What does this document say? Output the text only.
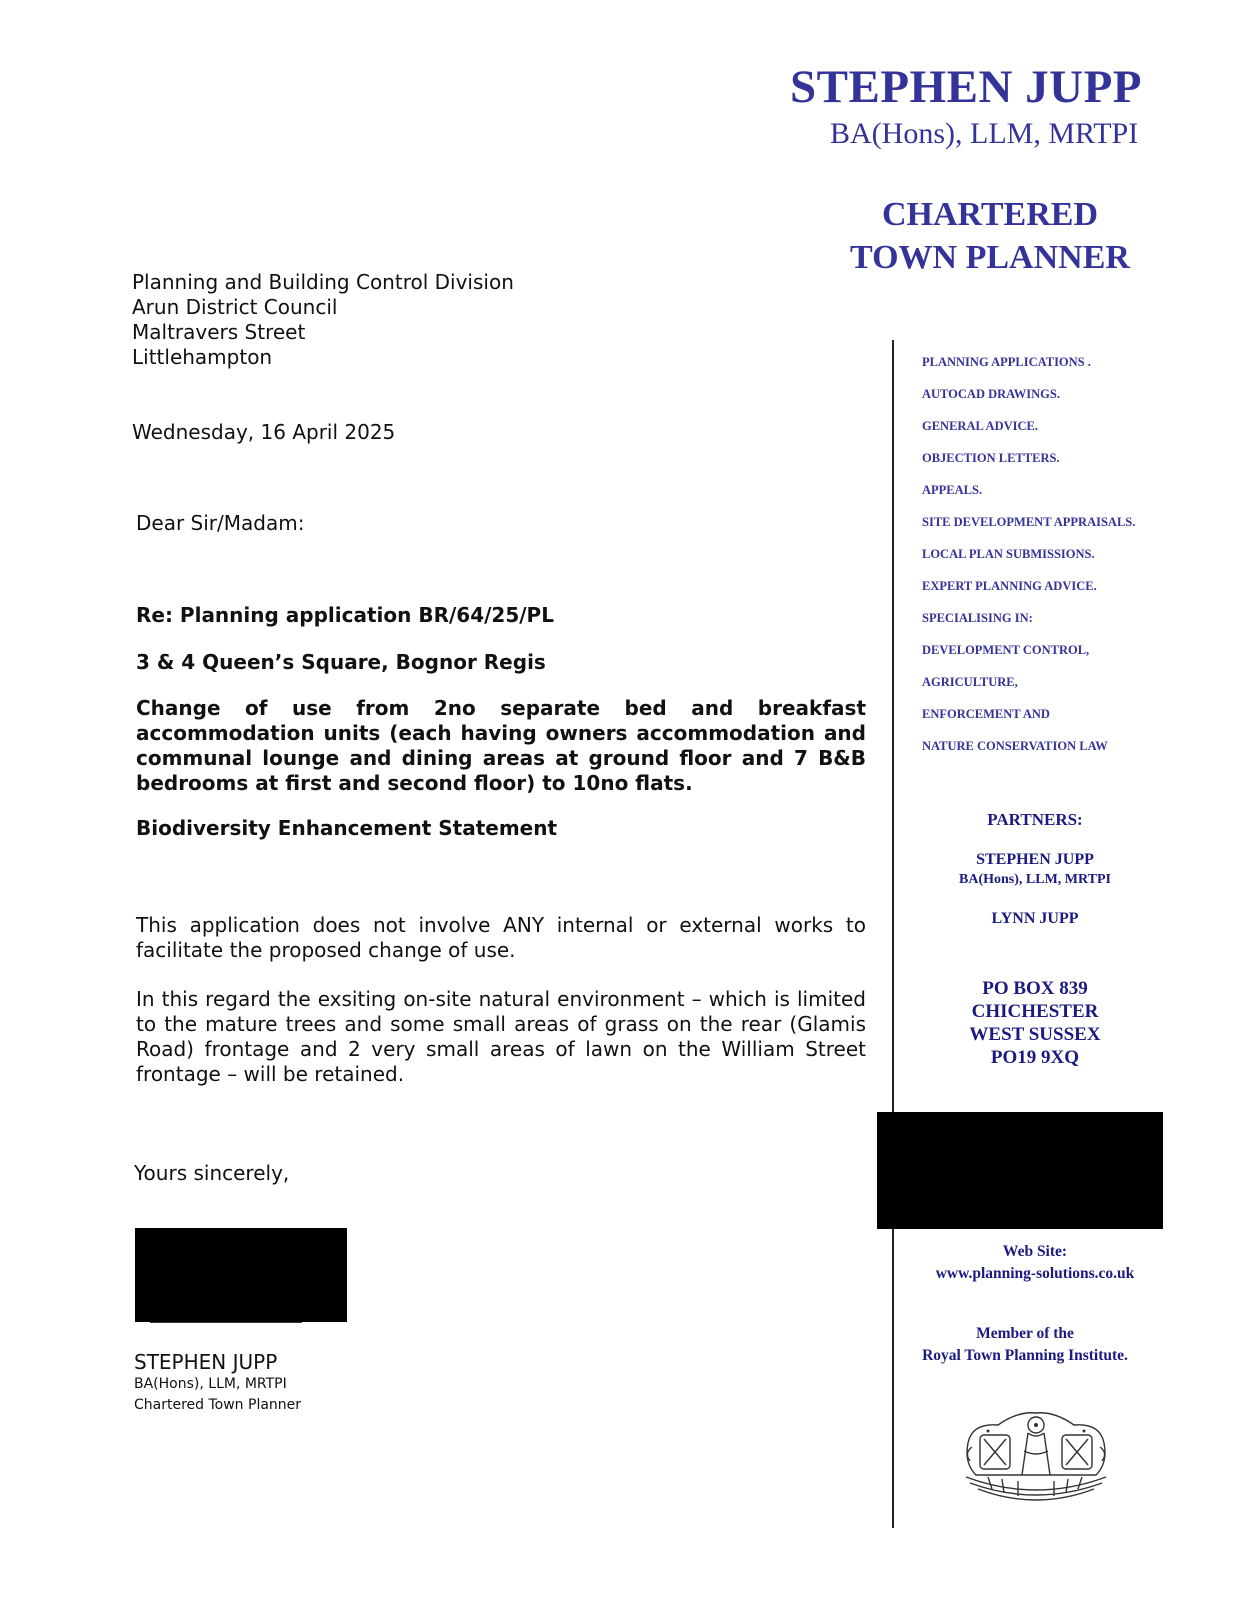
STEPHEN JUPP
BA(Hons), LLM, MRTPI
CHARTERED
TOWN PLANNER
Planning and Building Control Division
Arun District Council
Maltravers Street
Littlehampton
Wednesday, 16 April 2025
Dear Sir/Madam:
Re: Planning application BR/64/25/PL
3 & 4 Queen’s Square, Bognor Regis
Change of use from 2no separate bed and breakfast accommodation units (each having owners accommodation and communal lounge and dining areas at ground floor and 7 B&B bedrooms at first and second floor) to 10no flats.
Biodiversity Enhancement Statement
This application does not involve ANY internal or external works to facilitate the proposed change of use.
In this regard the exsiting on-site natural environment – which is limited to the mature trees and some small areas of grass on the rear (Glamis Road) frontage and 2 very small areas of lawn on the William Street frontage – will be retained.
Yours sincerely,
STEPHEN JUPP
BA(Hons), LLM, MRTPI
Chartered Town Planner
PLANNING APPLICATIONS .
AUTOCAD DRAWINGS.
GENERAL ADVICE.
OBJECTION LETTERS.
APPEALS.
SITE DEVELOPMENT APPRAISALS.
LOCAL PLAN SUBMISSIONS.
EXPERT PLANNING ADVICE.
SPECIALISING IN:
DEVELOPMENT CONTROL,
AGRICULTURE,
ENFORCEMENT AND
NATURE CONSERVATION LAW
PARTNERS:
STEPHEN JUPP
BA(Hons), LLM, MRTPI
LYNN JUPP
PO BOX 839
CHICHESTER
WEST SUSSEX
PO19 9XQ
Web Site:
www.planning-solutions.co.uk
Member of the
Royal Town Planning Institute.
